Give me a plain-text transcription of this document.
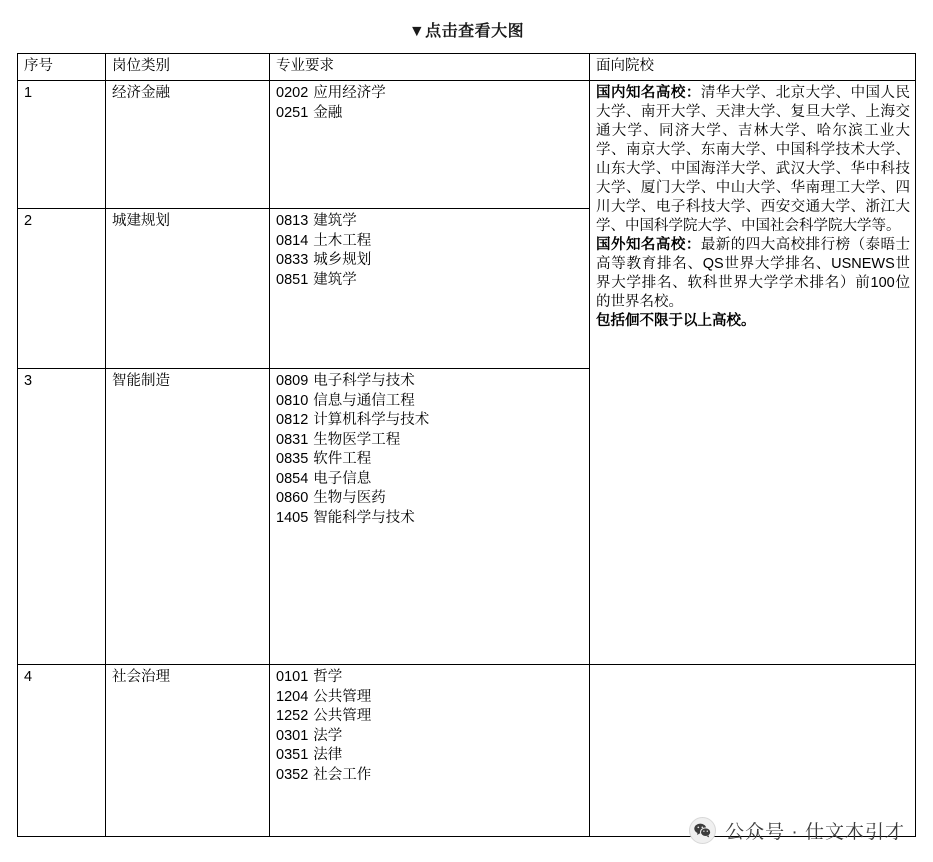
▼点击查看大图
序号	岗位类别	专业要求	面向院校
1	经济金融	0202 应用经济学
0251 金融

国内知名高校：清华大学、北京大学、中国人民大学、南开大学、天津大学、复旦大学、上海交通大学、同济大学、吉林大学、哈尔滨工业大学、南京大学、东南大学、中国科学技术大学、山东大学、中国海洋大学、武汉大学、华中科技大学、厦门大学、中山大学、华南理工大学、四川大学、电子科技大学、西安交通大学、浙江大学、中国科学院大学、中国社会科学院大学等。

国外知名高校：最新的四大高校排行榜（泰晤士高等教育排名、QS世界大学排名、USNEWS世界大学排名、软科世界大学学术排名）前100位的世界名校。

包括佪不限于以上高校。

2	城建规划	0813 建筑学
0814 土木工程
0833 城乡规划
0851 建筑学

3	智能制造	0809 电子科学与技术
0810 信息与通信工程
0812 计算机科学与技术
0831 生物医学工程
0835 软件工程
0854 电子信息
0860 生物与医药
1405 智能科学与技术

4	社会治理	0101 哲学
1204 公共管理
1252 公共管理
0301 法学
0351 法律
0352 社会工作

公众号 · 仕文木引才
